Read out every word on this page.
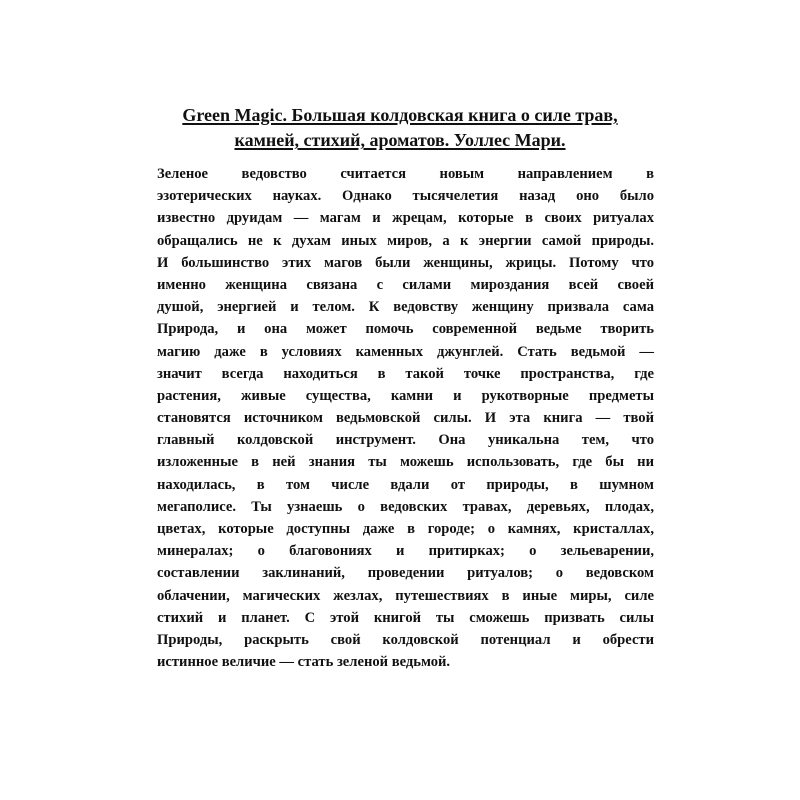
Green Magic. Большая колдовская книга о силе трав,
камней, стихий, ароматов. Уоллес Мари.
Зеленое ведовство считается новым направлением в
эзотерических науках. Однако тысячелетия назад оно было
известно друидам — магам и жрецам, которые в своих ритуалах
обращались не к духам иных миров, а к энергии самой природы.
И большинство этих магов были женщины, жрицы. Потому что
именно женщина связана с силами мироздания всей своей
душой, энергией и телом. К ведовству женщину призвала сама
Природа, и она может помочь современной ведьме творить
магию даже в условиях каменных джунглей. Стать ведьмой —
значит всегда находиться в такой точке пространства, где
растения, живые существа, камни и рукотворные предметы
становятся источником ведьмовской силы. И эта книга — твой
главный колдовской инструмент. Она уникальна тем, что
изложенные в ней знания ты можешь использовать, где бы ни
находилась, в том числе вдали от природы, в шумном
мегаполисе. Ты узнаешь о ведовских травах, деревьях, плодах,
цветах, которые доступны даже в городе; о камнях, кристаллах,
минералах; о благовониях и притирках; о зельеварении,
составлении заклинаний, проведении ритуалов; о ведовском
облачении, магических жезлах, путешествиях в иные миры, силе
стихий и планет. С этой книгой ты сможешь призвать силы
Природы, раскрыть свой колдовской потенциал и обрести
истинное величие — стать зеленой ведьмой.
